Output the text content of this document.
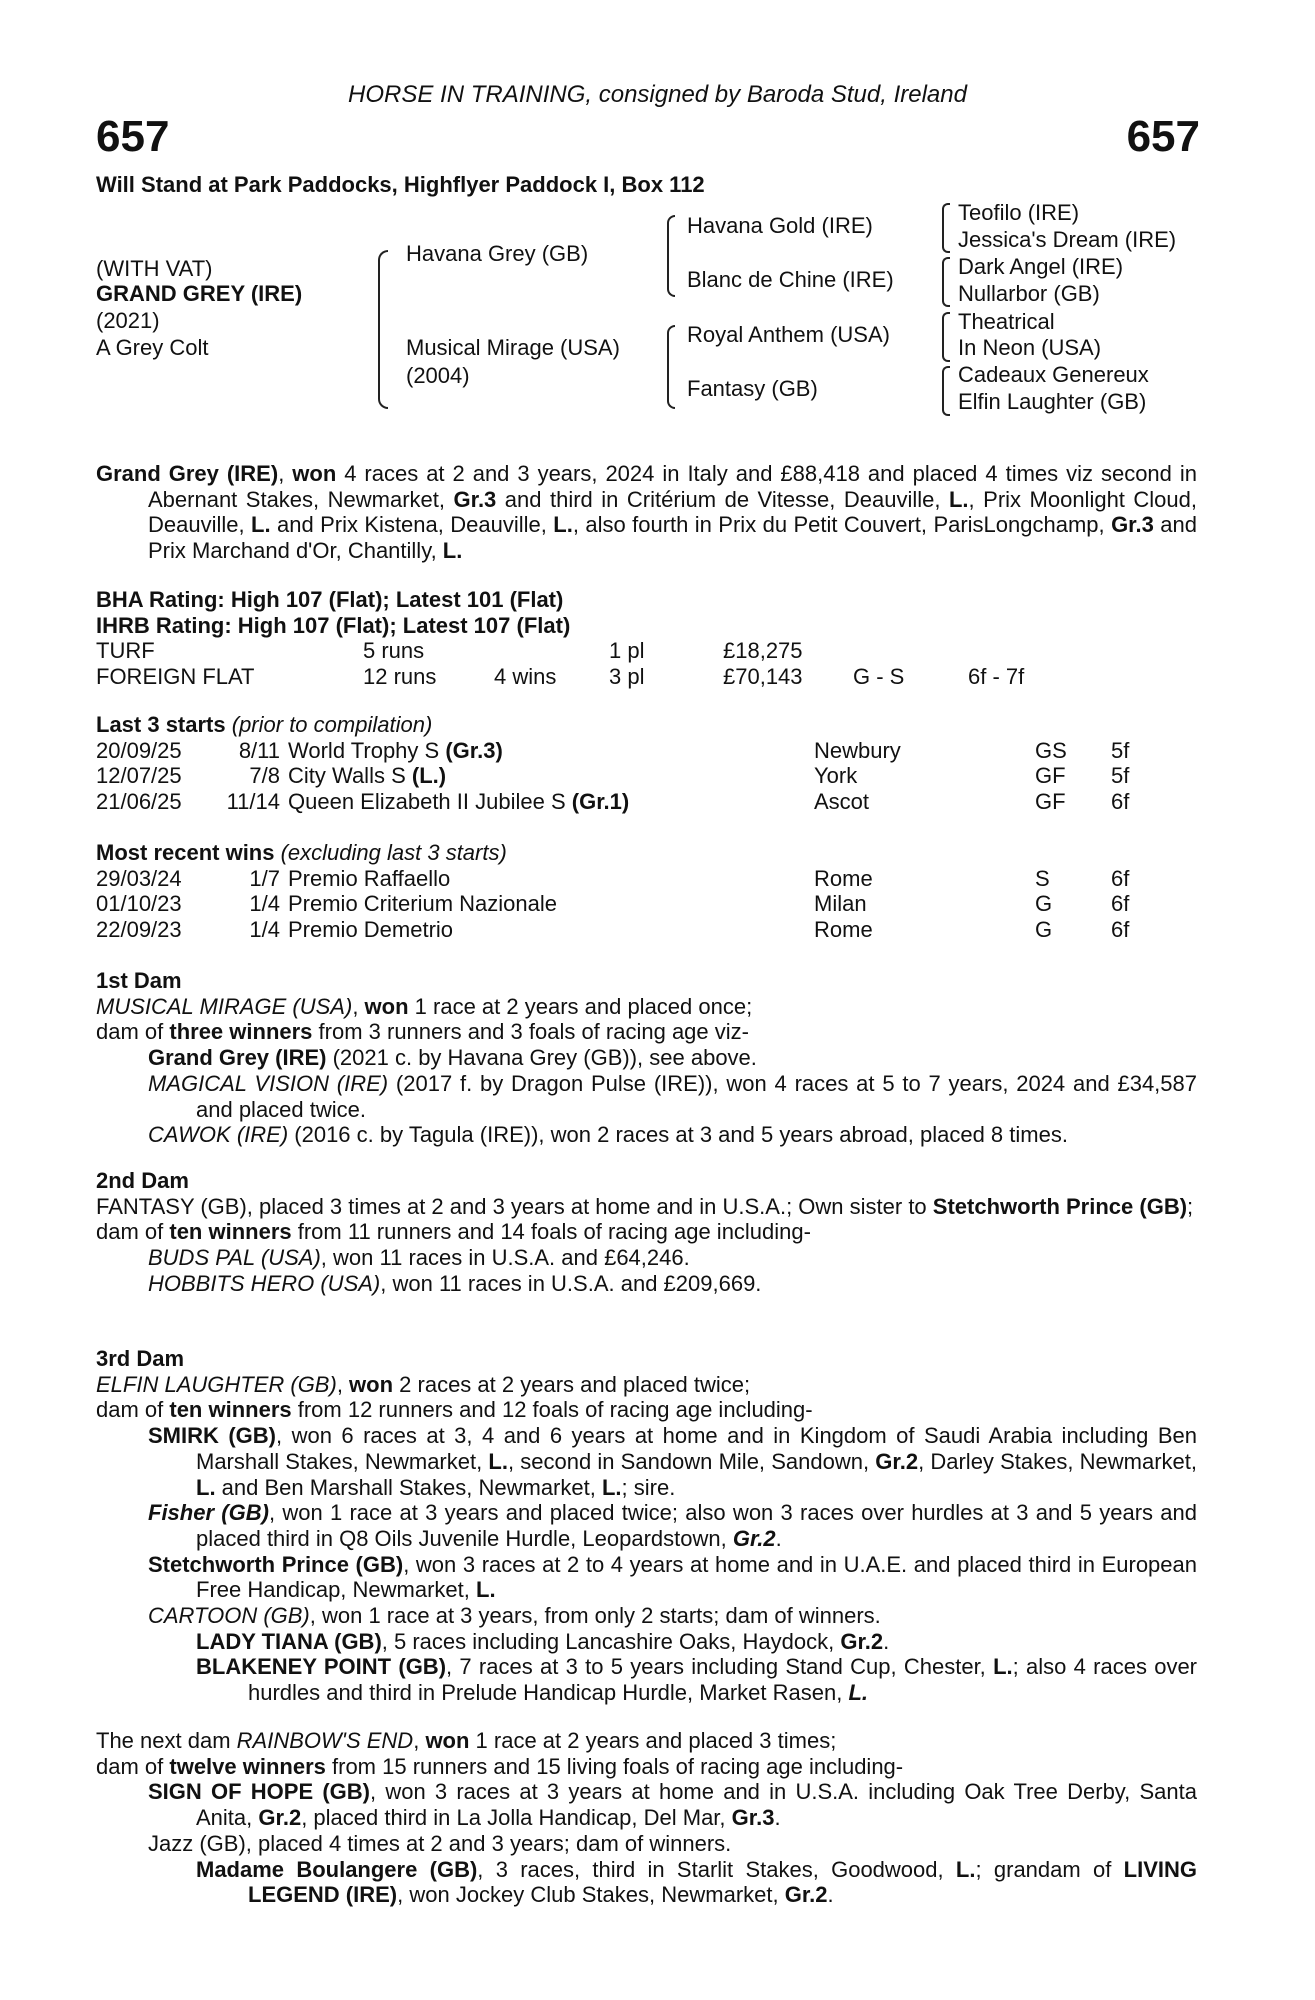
HORSE IN TRAINING, consigned by Baroda Stud, Ireland
657	657
Will Stand at Park Paddocks, Highflyer Paddock I, Box 112
(WITH VAT)
GRAND GREY (IRE)
(2021)
A Grey Colt
Havana Grey (GB)
Musical Mirage (USA)
(2004)
Havana Gold (IRE)
Blanc de Chine (IRE)
Royal Anthem (USA)
Fantasy (GB)
Teofilo (IRE)
Jessica's Dream (IRE)
Dark Angel (IRE)
Nullarbor (GB)
Theatrical
In Neon (USA)
Cadeaux Genereux
Elfin Laughter (GB)

Grand Grey (IRE), won 4 races at 2 and 3 years, 2024 in Italy and £88,418 and placed 4 times viz second in Abernant Stakes, Newmarket, Gr.3 and third in Critérium de Vitesse, Deauville, L., Prix Moonlight Cloud, Deauville, L. and Prix Kistena, Deauville, L., also fourth in Prix du Petit Couvert, ParisLongchamp, Gr.3 and Prix Marchand d'Or, Chantilly, L.

BHA Rating: High 107 (Flat); Latest 101 (Flat)
IHRB Rating: High 107 (Flat); Latest 107 (Flat)
TURF	5 runs	1 pl	£18,275
FOREIGN FLAT	12 runs	4 wins 3 pl	£70,143 G - S	6f - 7f
Last 3 starts (prior to compilation)
20/09/25	8/11 World Trophy S (Gr.3)	Newbury	GS 5f
12/07/25	7/8 City Walls S (L.)	York	GF 5f
21/06/25 11/14 Queen Elizabeth II Jubilee S (Gr.1)	Ascot	GF 6f
Most recent wins (excluding last 3 starts)
29/03/24	1/7 Premio Raffaello	Rome	S	6f
01/10/23	1/4 Premio Criterium Nazionale	Milan	G	6f
22/09/23	1/4 Premio Demetrio	Rome	G	6f
1st Dam

MUSICAL MIRAGE (USA), won 1 race at 2 years and placed once;

dam of three winners from 3 runners and 3 foals of racing age viz-

Grand Grey (IRE) (2021 c. by Havana Grey (GB)), see above.

MAGICAL VISION (IRE) (2017 f. by Dragon Pulse (IRE)), won 4 races at 5 to 7 years, 2024 and £34,587 and placed twice.

CAWOK (IRE) (2016 c. by Tagula (IRE)), won 2 races at 3 and 5 years abroad, placed 8 times.

2nd Dam

FANTASY (GB), placed 3 times at 2 and 3 years at home and in U.S.A.; Own sister to Stetchworth Prince (GB);

dam of ten winners from 11 runners and 14 foals of racing age including-

BUDS PAL (USA), won 11 races in U.S.A. and £64,246.

HOBBITS HERO (USA), won 11 races in U.S.A. and £209,669.

3rd Dam

ELFIN LAUGHTER (GB), won 2 races at 2 years and placed twice;

dam of ten winners from 12 runners and 12 foals of racing age including-

SMIRK (GB), won 6 races at 3, 4 and 6 years at home and in Kingdom of Saudi Arabia including Ben Marshall Stakes, Newmarket, L., second in Sandown Mile, Sandown, Gr.2, Darley Stakes, Newmarket, L. and Ben Marshall Stakes, Newmarket, L.; sire.

Fisher (GB), won 1 race at 3 years and placed twice; also won 3 races over hurdles at 3 and 5 years and placed third in Q8 Oils Juvenile Hurdle, Leopardstown, Gr.2.

Stetchworth Prince (GB), won 3 races at 2 to 4 years at home and in U.A.E. and placed third in European Free Handicap, Newmarket, L.

CARTOON (GB), won 1 race at 3 years, from only 2 starts; dam of winners.

LADY TIANA (GB), 5 races including Lancashire Oaks, Haydock, Gr.2.

BLAKENEY POINT (GB), 7 races at 3 to 5 years including Stand Cup, Chester, L.; also 4 races over hurdles and third in Prelude Handicap Hurdle, Market Rasen, L.

The next dam RAINBOW'S END, won 1 race at 2 years and placed 3 times;

dam of twelve winners from 15 runners and 15 living foals of racing age including-

SIGN OF HOPE (GB), won 3 races at 3 years at home and in U.S.A. including Oak Tree Derby, Santa Anita, Gr.2, placed third in La Jolla Handicap, Del Mar, Gr.3.

Jazz (GB), placed 4 times at 2 and 3 years; dam of winners.

Madame Boulangere (GB), 3 races, third in Starlit Stakes, Goodwood, L.; grandam of LIVING LEGEND (IRE), won Jockey Club Stakes, Newmarket, Gr.2.
